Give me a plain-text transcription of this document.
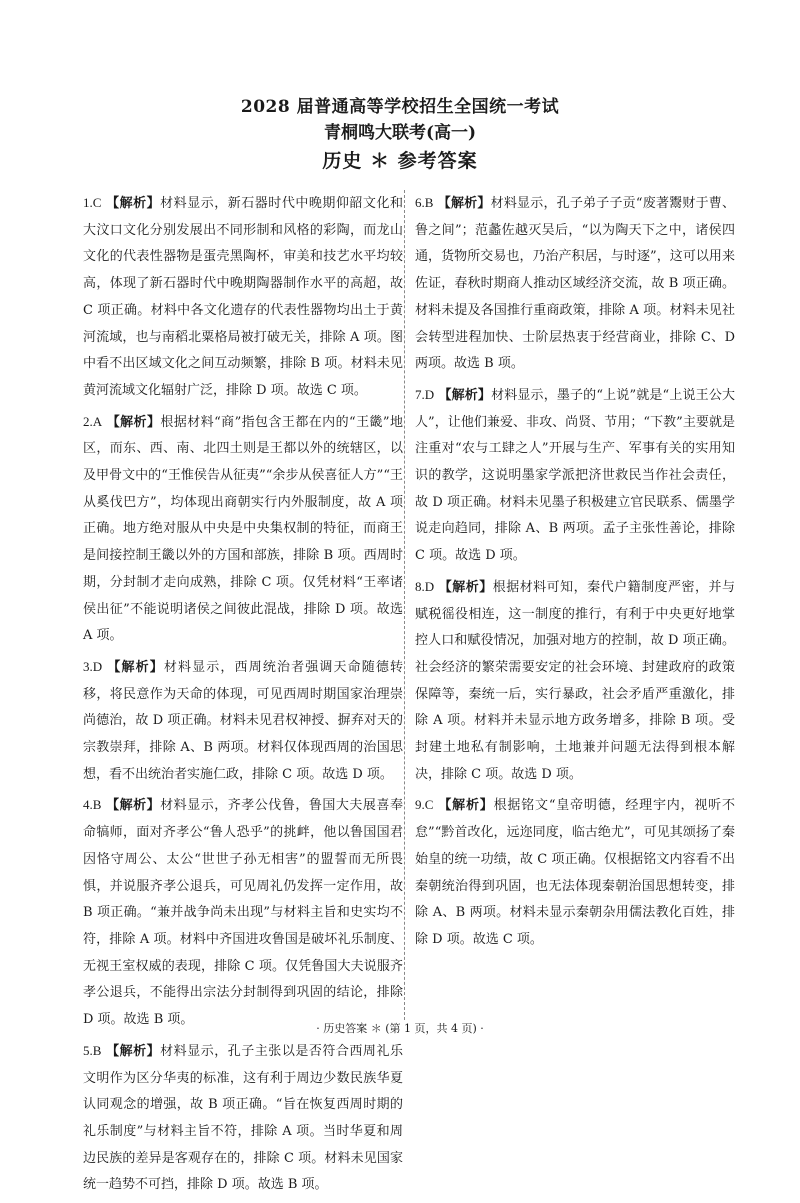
2028 届普通高等学校招生全国统一考试
青桐鸣大联考(高一)
历史 ＊ 参考答案
1.C 【解析】材料显示，新石器时代中晚期仰韶文化和大汶口文化分别发展出不同形制和风格的彩陶，而龙山文化的代表性器物是蛋壳黑陶杯，审美和技艺水平均较高，体现了新石器时代中晚期陶器制作水平的高超，故 C 项正确。材料中各文化遗存的代表性器物均出土于黄河流域，也与南稻北粟格局被打破无关，排除 A 项。图中看不出区域文化之间互动频繁，排除 B 项。材料未见黄河流域文化辐射广泛，排除 D 项。故选 C 项。
2.A 【解析】根据材料“商”指包含王都在内的“王畿”地区，而东、西、南、北四土则是王都以外的统辖区，以及甲骨文中的“王惟侯告从征夷”“余步从侯喜征人方”“王从奚伐巴方”，均体现出商朝实行内外服制度，故 A 项正确。地方绝对服从中央是中央集权制的特征，而商王是间接控制王畿以外的方国和部族，排除 B 项。西周时期，分封制才走向成熟，排除 C 项。仅凭材料“王率诸侯出征”不能说明诸侯之间彼此混战，排除 D 项。故选 A 项。
3.D 【解析】材料显示，西周统治者强调天命随德转移，将民意作为天命的体现，可见西周时期国家治理崇尚德治，故 D 项正确。材料未见君权神授、摒弃对天的宗教崇拜，排除 A、B 两项。材料仅体现西周的治国思想，看不出统治者实施仁政，排除 C 项。故选 D 项。
4.B 【解析】材料显示，齐孝公伐鲁，鲁国大夫展喜奉命犒师，面对齐孝公“鲁人恐乎”的挑衅，他以鲁国国君因恪守周公、太公“世世子孙无相害”的盟誓而无所畏惧，并说服齐孝公退兵，可见周礼仍发挥一定作用，故 B 项正确。“兼并战争尚未出现”与材料主旨和史实均不符，排除 A 项。材料中齐国进攻鲁国是破坏礼乐制度、无视王室权威的表现，排除 C 项。仅凭鲁国大夫说服齐孝公退兵，不能得出宗法分封制得到巩固的结论，排除 D 项。故选 B 项。
5.B 【解析】材料显示，孔子主张以是否符合西周礼乐文明作为区分华夷的标准，这有利于周边少数民族华夏认同观念的增强，故 B 项正确。“旨在恢复西周时期的礼乐制度”与材料主旨不符，排除 A 项。当时华夏和周边民族的差异是客观存在的，排除 C 项。材料未见国家统一趋势不可挡，排除 D 项。故选 B 项。
6.B 【解析】材料显示，孔子弟子子贡“废著鬻财于曹、鲁之间”；范蠡佐越灭吴后，“以为陶天下之中，诸侯四通，货物所交易也，乃治产积居，与时逐”，这可以用来佐证，春秋时期商人推动区域经济交流，故 B 项正确。材料未提及各国推行重商政策，排除 A 项。材料未见社会转型进程加快、士阶层热衷于经营商业，排除 C、D 两项。故选 B 项。
7.D 【解析】材料显示，墨子的“上说”就是“上说王公大人”，让他们兼爱、非攻、尚贤、节用；“下教”主要就是注重对“农与工肆之人”开展与生产、军事有关的实用知识的教学，这说明墨家学派把济世救民当作社会责任，故 D 项正确。材料未见墨子积极建立官民联系、儒墨学说走向趋同，排除 A、B 两项。孟子主张性善论，排除 C 项。故选 D 项。
8.D 【解析】根据材料可知，秦代户籍制度严密，并与赋税徭役相连，这一制度的推行，有利于中央更好地掌控人口和赋役情况，加强对地方的控制，故 D 项正确。社会经济的繁荣需要安定的社会环境、封建政府的政策保障等，秦统一后，实行暴政，社会矛盾严重激化，排除 A 项。材料并未显示地方政务增多，排除 B 项。受封建土地私有制影响，土地兼并问题无法得到根本解决，排除 C 项。故选 D 项。
9.C 【解析】根据铭文“皇帝明德，经理宇内，视听不怠”“黔首改化，远迩同度，临古绝尤”，可见其颂扬了秦始皇的统一功绩，故 C 项正确。仅根据铭文内容看不出秦朝统治得到巩固，也无法体现秦朝治国思想转变，排除 A、B 两项。材料未显示秦朝杂用儒法教化百姓，排除 D 项。故选 C 项。
· 历史答案 ＊ (第 1 页，共 4 页) ·
